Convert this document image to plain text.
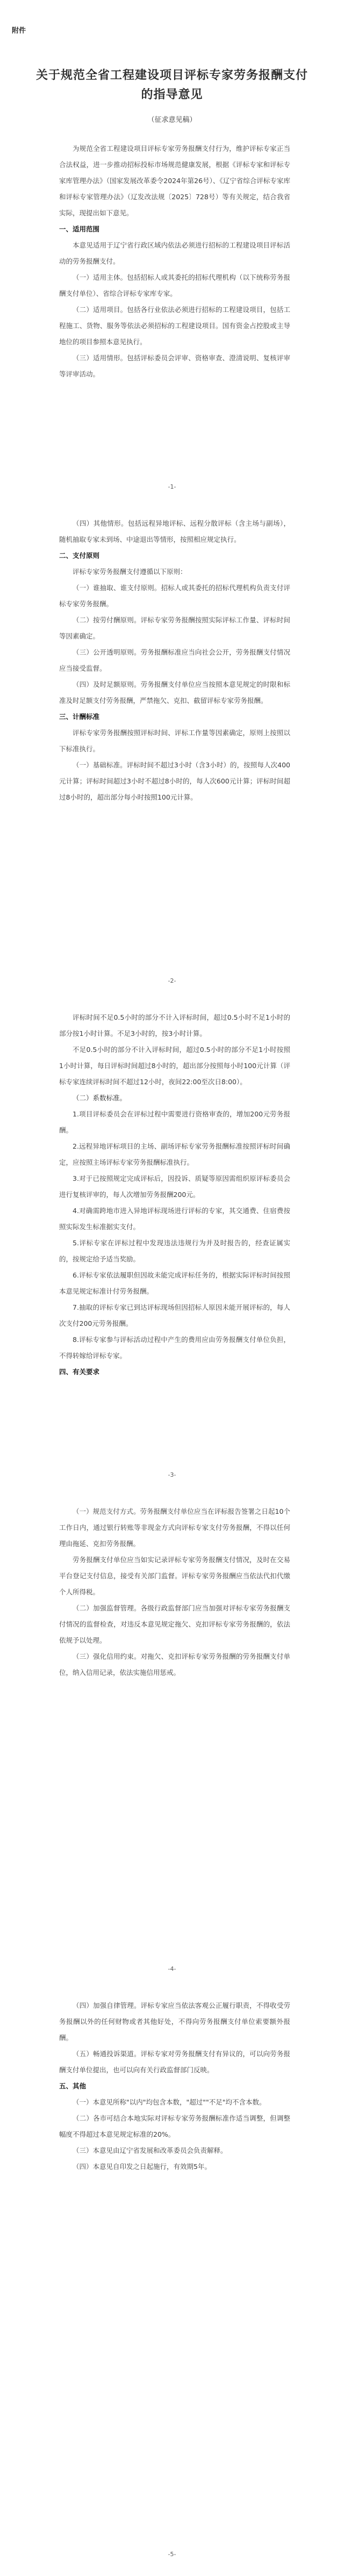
附件
关于规范全省工程建设项目评标专家劳务报酬支付的指导意见
（征求意见稿）

为规范全省工程建设项目评标专家劳务报酬支付行为，维护评标专家正当合法权益，进一步推动招标投标市场规范健康发展，根据《评标专家和评标专家库管理办法》（国家发展改革委令2024年第26号）、《辽宁省综合评标专家库和评标专家管理办法》（辽发改法规〔2025〕728号）等有关规定，结合我省实际，现提出如下意见。

一、适用范围

本意见适用于辽宁省行政区域内依法必须进行招标的工程建设项目评标活动的劳务报酬支付。

（一）适用主体。包括招标人或其委托的招标代理机构（以下统称劳务报酬支付单位）、省综合评标专家库专家。

（二）适用项目。包括各行业依法必须进行招标的工程建设项目，包括工程施工、货物、服务等依法必须招标的工程建设项目。国有资金占控股或主导地位的项目参照本意见执行。

（三）适用情形。包括评标委员会评审、资格审查、澄清说明、复核评审等评审活动。

-1-

（四）其他情形。包括远程异地评标、远程分散评标（含主场与副场），随机抽取专家未到场、中途退出等情形，按照相应规定执行。

二、支付原则

评标专家劳务报酬支付遵循以下原则：

（一）谁抽取、谁支付原则。招标人或其委托的招标代理机构负责支付评标专家劳务报酬。

（二）按劳付酬原则。评标专家劳务报酬按照实际评标工作量、评标时间等因素确定。

（三）公开透明原则。劳务报酬标准应当向社会公开，劳务报酬支付情况应当接受监督。

（四）及时足额原则。劳务报酬支付单位应当按照本意见规定的时限和标准及时足额支付劳务报酬，严禁拖欠、克扣、截留评标专家劳务报酬。

三、计酬标准

评标专家劳务报酬按照评标时间、评标工作量等因素确定，原则上按照以下标准执行。

（一）基础标准。评标时间不超过3小时（含3小时）的，按照每人次400元计算；评标时间超过3小时不超过8小时的，每人次600元计算；评标时间超过8小时的，超出部分每小时按照100元计算。

-2-

评标时间不足0.5小时的部分不计入评标时间，超过0.5小时不足1小时的部分按1小时计算。不足3小时的，按3小时计算。

不足0.5小时的部分不计入评标时间，超过0.5小时的部分不足1小时按照1小时计算，每日评标时间超过8小时的，超出部分按照每小时100元计算（评标专家连续评标时间不超过12小时，夜间22:00至次日8:00）。

（二）系数标准。

1.项目评标委员会在评标过程中需要进行资格审查的，增加200元劳务报酬。

2.远程异地评标项目的主场、副场评标专家劳务报酬标准按照评标时间确定，应按照主场评标专家劳务报酬标准执行。

3.对于已按照规定完成评标后，因投诉、质疑等原因需组织原评标委员会进行复核评审的，每人次增加劳务报酬200元。

4.对确需跨地市进入异地评标现场进行评标的专家，其交通费、住宿费按照实际发生标准据实支付。

5.评标专家在评标过程中发现违法违规行为并及时报告的，经查证属实的，按规定给予适当奖励。

6.评标专家依法履职但因故未能完成评标任务的，根据实际评标时间按照本意见规定标准计付劳务报酬。

7.抽取的评标专家已到达评标现场但因招标人原因未能开展评标的，每人次支付200元劳务报酬。

8.评标专家参与评标活动过程中产生的费用应由劳务报酬支付单位负担，不得转嫁给评标专家。

四、有关要求

-3-

（一）规范支付方式。劳务报酬支付单位应当在评标报告签署之日起10个工作日内，通过银行转账等非现金方式向评标专家支付劳务报酬，不得以任何理由拖延、克扣劳务报酬。

劳务报酬支付单位应当如实记录评标专家劳务报酬支付情况，及时在交易平台登记支付信息，接受有关部门监督。评标专家劳务报酬应当依法代扣代缴个人所得税。

（二）加强监督管理。各级行政监督部门应当加强对评标专家劳务报酬支付情况的监督检查，对违反本意见规定拖欠、克扣评标专家劳务报酬的，依法依规予以处理。

（三）强化信用约束。对拖欠、克扣评标专家劳务报酬的劳务报酬支付单位，纳入信用记录，依法实施信用惩戒。

-4-

（四）加强自律管理。评标专家应当依法客观公正履行职责，不得收受劳务报酬以外的任何财物或者其他好处，不得向劳务报酬支付单位索要额外报酬。

（五）畅通投诉渠道。评标专家对劳务报酬支付有异议的，可以向劳务报酬支付单位提出，也可以向有关行政监督部门反映。

五、其他

（一）本意见所称"以内"均包含本数，"超过""不足"均不含本数。

（二）各市可结合本地实际对评标专家劳务报酬标准作适当调整，但调整幅度不得超过本意见规定标准的20%。

（三）本意见由辽宁省发展和改革委员会负责解释。

（四）本意见自印发之日起施行，有效期5年。

-5-
